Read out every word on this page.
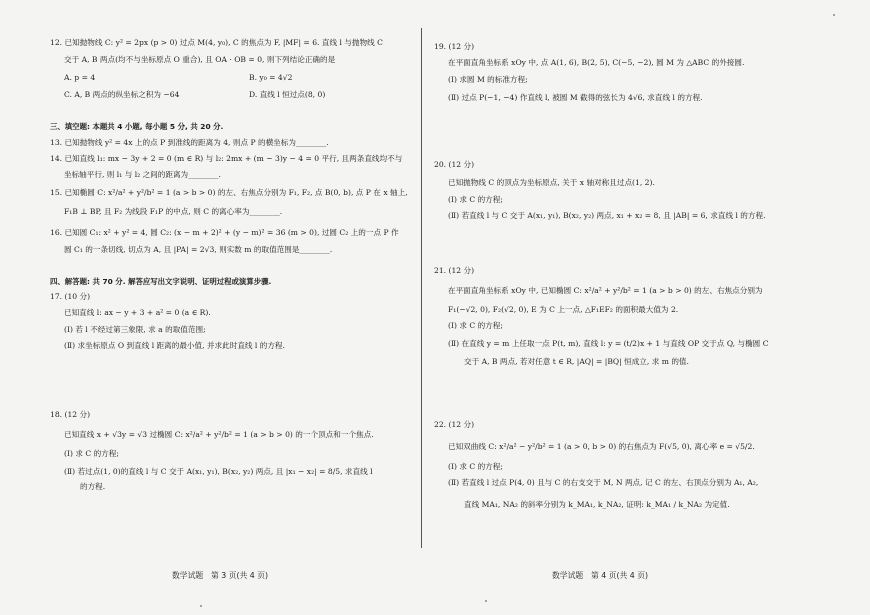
12. 已知抛物线 C: y² = 2px (p > 0) 过点 M(4, y₀), C 的焦点为 F, |MF| = 6. 直线 l 与抛物线 C
交于 A, B 两点(均不与坐标原点 O 重合), 且 OA · OB = 0, 则下列结论正确的是
A. p = 4	B. y₀ = 4√2
C. A, B 两点的纵坐标之积为 −64	D. 直线 l 恒过点(8, 0)
三、填空题: 本题共 4 小题, 每小题 5 分, 共 20 分.
13. 已知抛物线 y² = 4x 上的点 P 到准线的距离为 4, 则点 P 的横坐标为________.
14. 已知直线 l₁: mx − 3y + 2 = 0 (m ∈ R) 与 l₂: 2mx + (m − 3)y − 4 = 0 平行, 且两条直线均不与
坐标轴平行, 则 l₁ 与 l₂ 之间的距离为________.
15. 已知椭圆 C: x²/a² + y²/b² = 1 (a > b > 0) 的左、右焦点分别为 F₁, F₂, 点 B(0, b), 点 P 在 x 轴上,
F₁B ⊥ BP, 且 F₂ 为线段 F₁P 的中点, 则 C 的离心率为________.
16. 已知圆 C₁: x² + y² = 4, 圆 C₂: (x − m + 2)² + (y − m)² = 36 (m > 0), 过圆 C₂ 上的一点 P 作
圆 C₁ 的一条切线, 切点为 A, 且 |PA| = 2√3, 则实数 m 的取值范围是________.
四、解答题: 共 70 分. 解答应写出文字说明、证明过程或演算步骤.
17. (10 分)
已知直线 l: ax − y + 3 + a² = 0 (a ∈ R).
(Ⅰ) 若 l 不经过第三象限, 求 a 的取值范围;
(Ⅱ) 求坐标原点 O 到直线 l 距离的最小值, 并求此时直线 l 的方程.
18. (12 分)
已知直线 x + √3y = √3 过椭圆 C: x²/a² + y²/b² = 1 (a > b > 0) 的一个顶点和一个焦点.
(Ⅰ) 求 C 的方程;
(Ⅱ) 若过点(1, 0)的直线 l 与 C 交于 A(x₁, y₁), B(x₂, y₂) 两点, 且 |x₁ − x₂| = 8/5, 求直线 l
的方程.
数学试题　第 3 页(共 4 页)
19. (12 分)
在平面直角坐标系 xOy 中, 点 A(1, 6), B(2, 5), C(−5, −2), 圆 M 为 △ABC 的外接圆.
(Ⅰ) 求圆 M 的标准方程;
(Ⅱ) 过点 P(−1, −4) 作直线 l, 被圆 M 截得的弦长为 4√6, 求直线 l 的方程.
20. (12 分)
已知抛物线 C 的顶点为坐标原点, 关于 x 轴对称且过点(1, 2).
(Ⅰ) 求 C 的方程;
(Ⅱ) 若直线 l 与 C 交于 A(x₁, y₁), B(x₂, y₂) 两点, x₁ + x₂ = 8, 且 |AB| = 6, 求直线 l 的方程.
21. (12 分)
在平面直角坐标系 xOy 中, 已知椭圆 C: x²/a² + y²/b² = 1 (a > b > 0) 的左、右焦点分别为
F₁(−√2, 0), F₂(√2, 0), E 为 C 上一点, △F₁EF₂ 的面积最大值为 2.
(Ⅰ) 求 C 的方程;
(Ⅱ) 在直线 y = m 上任取一点 P(t, m), 直线 l: y = (t/2)x + 1 与直线 OP 交于点 Q, 与椭圆 C
交于 A, B 两点, 若对任意 t ∈ R, |AQ| = |BQ| 恒成立, 求 m 的值.
22. (12 分)
已知双曲线 C: x²/a² − y²/b² = 1 (a > 0, b > 0) 的右焦点为 F(√5, 0), 离心率 e = √5/2.
(Ⅰ) 求 C 的方程;
(Ⅱ) 若直线 l 过点 P(4, 0) 且与 C 的右支交于 M, N 两点, 记 C 的左、右顶点分别为 A₁, A₂,
直线 MA₁, NA₂ 的斜率分别为 k_MA₁, k_NA₂, 证明: k_MA₁ / k_NA₂ 为定值.
数学试题　第 4 页(共 4 页)
